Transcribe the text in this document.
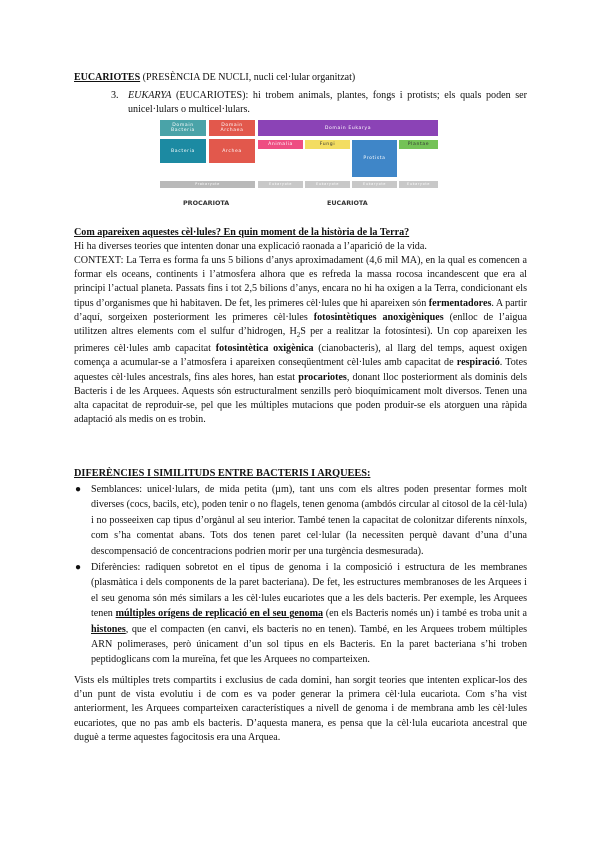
EUCARIOTES (PRESÈNCIA DE NUCLI, nucli cel·lular organitzat)
3. EUKARYA (EUCARIOTES): hi trobem animals, plantes, fongs i protists; els quals poden ser unicel·lulars o multicel·lulars.
Domain Bacteria
Domain Archaea
Bacteria	Archea
Domain Eukarya
Animalia	Fungi
Protista
Plantae
Prokaryote	Eukaryote	Eukaryote	Eukaryote	Eukaryote
PROCARIOTA	EUCARIOTA
Com apareixen aquestes cèl·lules? En quin moment de la història de la Terra?
Hi ha diverses teories que intenten donar una explicació raonada a l’aparició de la vida.
CONTEXT: La Terra es forma fa uns 5 bilions d’anys aproximadament (4,6 mil MA), en la qual es comencen a formar els oceans, continents i l’atmosfera alhora que es refreda la massa rocosa incandescent que era al principi l’actual planeta. Passats fins i tot 2,5 bilions d’anys, encara no hi ha oxigen a la Terra, condicionant els tipus d’organismes que hi habitaven. De fet, les primeres cèl·lules que hi apareixen són fermentadores. A partir d’aquí, sorgeixen posteriorment les primeres cèl·lules fotosintètiques anoxigèniques (enlloc de l’aigua utilitzen altres elements com el sulfur d’hidrogen, $H_2S$ per a realitzar la fotosíntesi). Un cop apareixen les primeres cèl·lules amb capacitat fotosintètica oxigènica (cianobacteris), al llarg del temps, aquest oxigen comença a acumular-se a l’atmosfera i apareixen conseqüentment cèl·lules amb capacitat de respiració. Totes aquestes cèl·lules ancestrals, fins ales hores, han estat procariotes, donant lloc posteriorment als dominis dels Bacteris i de les Arquees. Aquests són estructuralment senzills però bioquímicament molt diversos. Tenen una alta capacitat de reproduir-se, pel que les múltiples mutacions que poden produir-se els atorguen una ràpida adaptació als medis on es trobin.
DIFERÈNCIES I SIMILITUDS ENTRE BACTERIS I ARQUEES:
● Semblances: unicel·lulars, de mida petita (µm), tant uns com els altres poden presentar formes molt diverses (cocs, bacils, etc), poden tenir o no flagels, tenen genoma (ambdós circular al citosol de la cèl·lula) i no posseeixen cap tipus d’orgànul al seu interior. També tenen la capacitat de colonitzar diferents nínxols, com s’ha comentat abans. Tots dos tenen paret cel·lular (la necessiten perquè davant d’una d’una descompensació de concentracions podrien morir per una turgència desmesurada).
● Diferències: radiquen sobretot en el tipus de genoma i la composició i estructura de les membranes (plasmàtica i dels components de la paret bacteriana). De fet, les estructures membranoses de les Arquees i el seu genoma són més similars a les cèl·lules eucariotes que a les dels bacteris. Per exemple, les Arquees tenen múltiples orígens de replicació en el seu genoma (en els Bacteris només un) i també es troba unit a histones, que el compacten (en canvi, els bacteris no en tenen). També, en les Arquees trobem múltiples ARN polimerases, però únicament d’un sol tipus en els Bacteris. En la paret bacteriana s’hi troben peptidoglicans com la mureïna, fet que les Arquees no comparteixen.
Vists els múltiples trets compartits i exclusius de cada domini, han sorgit teories que intenten explicar-los des d’un punt de vista evolutiu i de com es va poder generar la primera cèl·lula eucariota. Com s’ha vist anteriorment, les Arquees comparteixen característiques a nivell de genoma i de membrana amb les cèl·lules eucariotes, que no pas amb els bacteris. D’aquesta manera, es pensa que la cèl·lula eucariota ancestral que duguè a terme aquestes fagocitosis era una Arquea.
